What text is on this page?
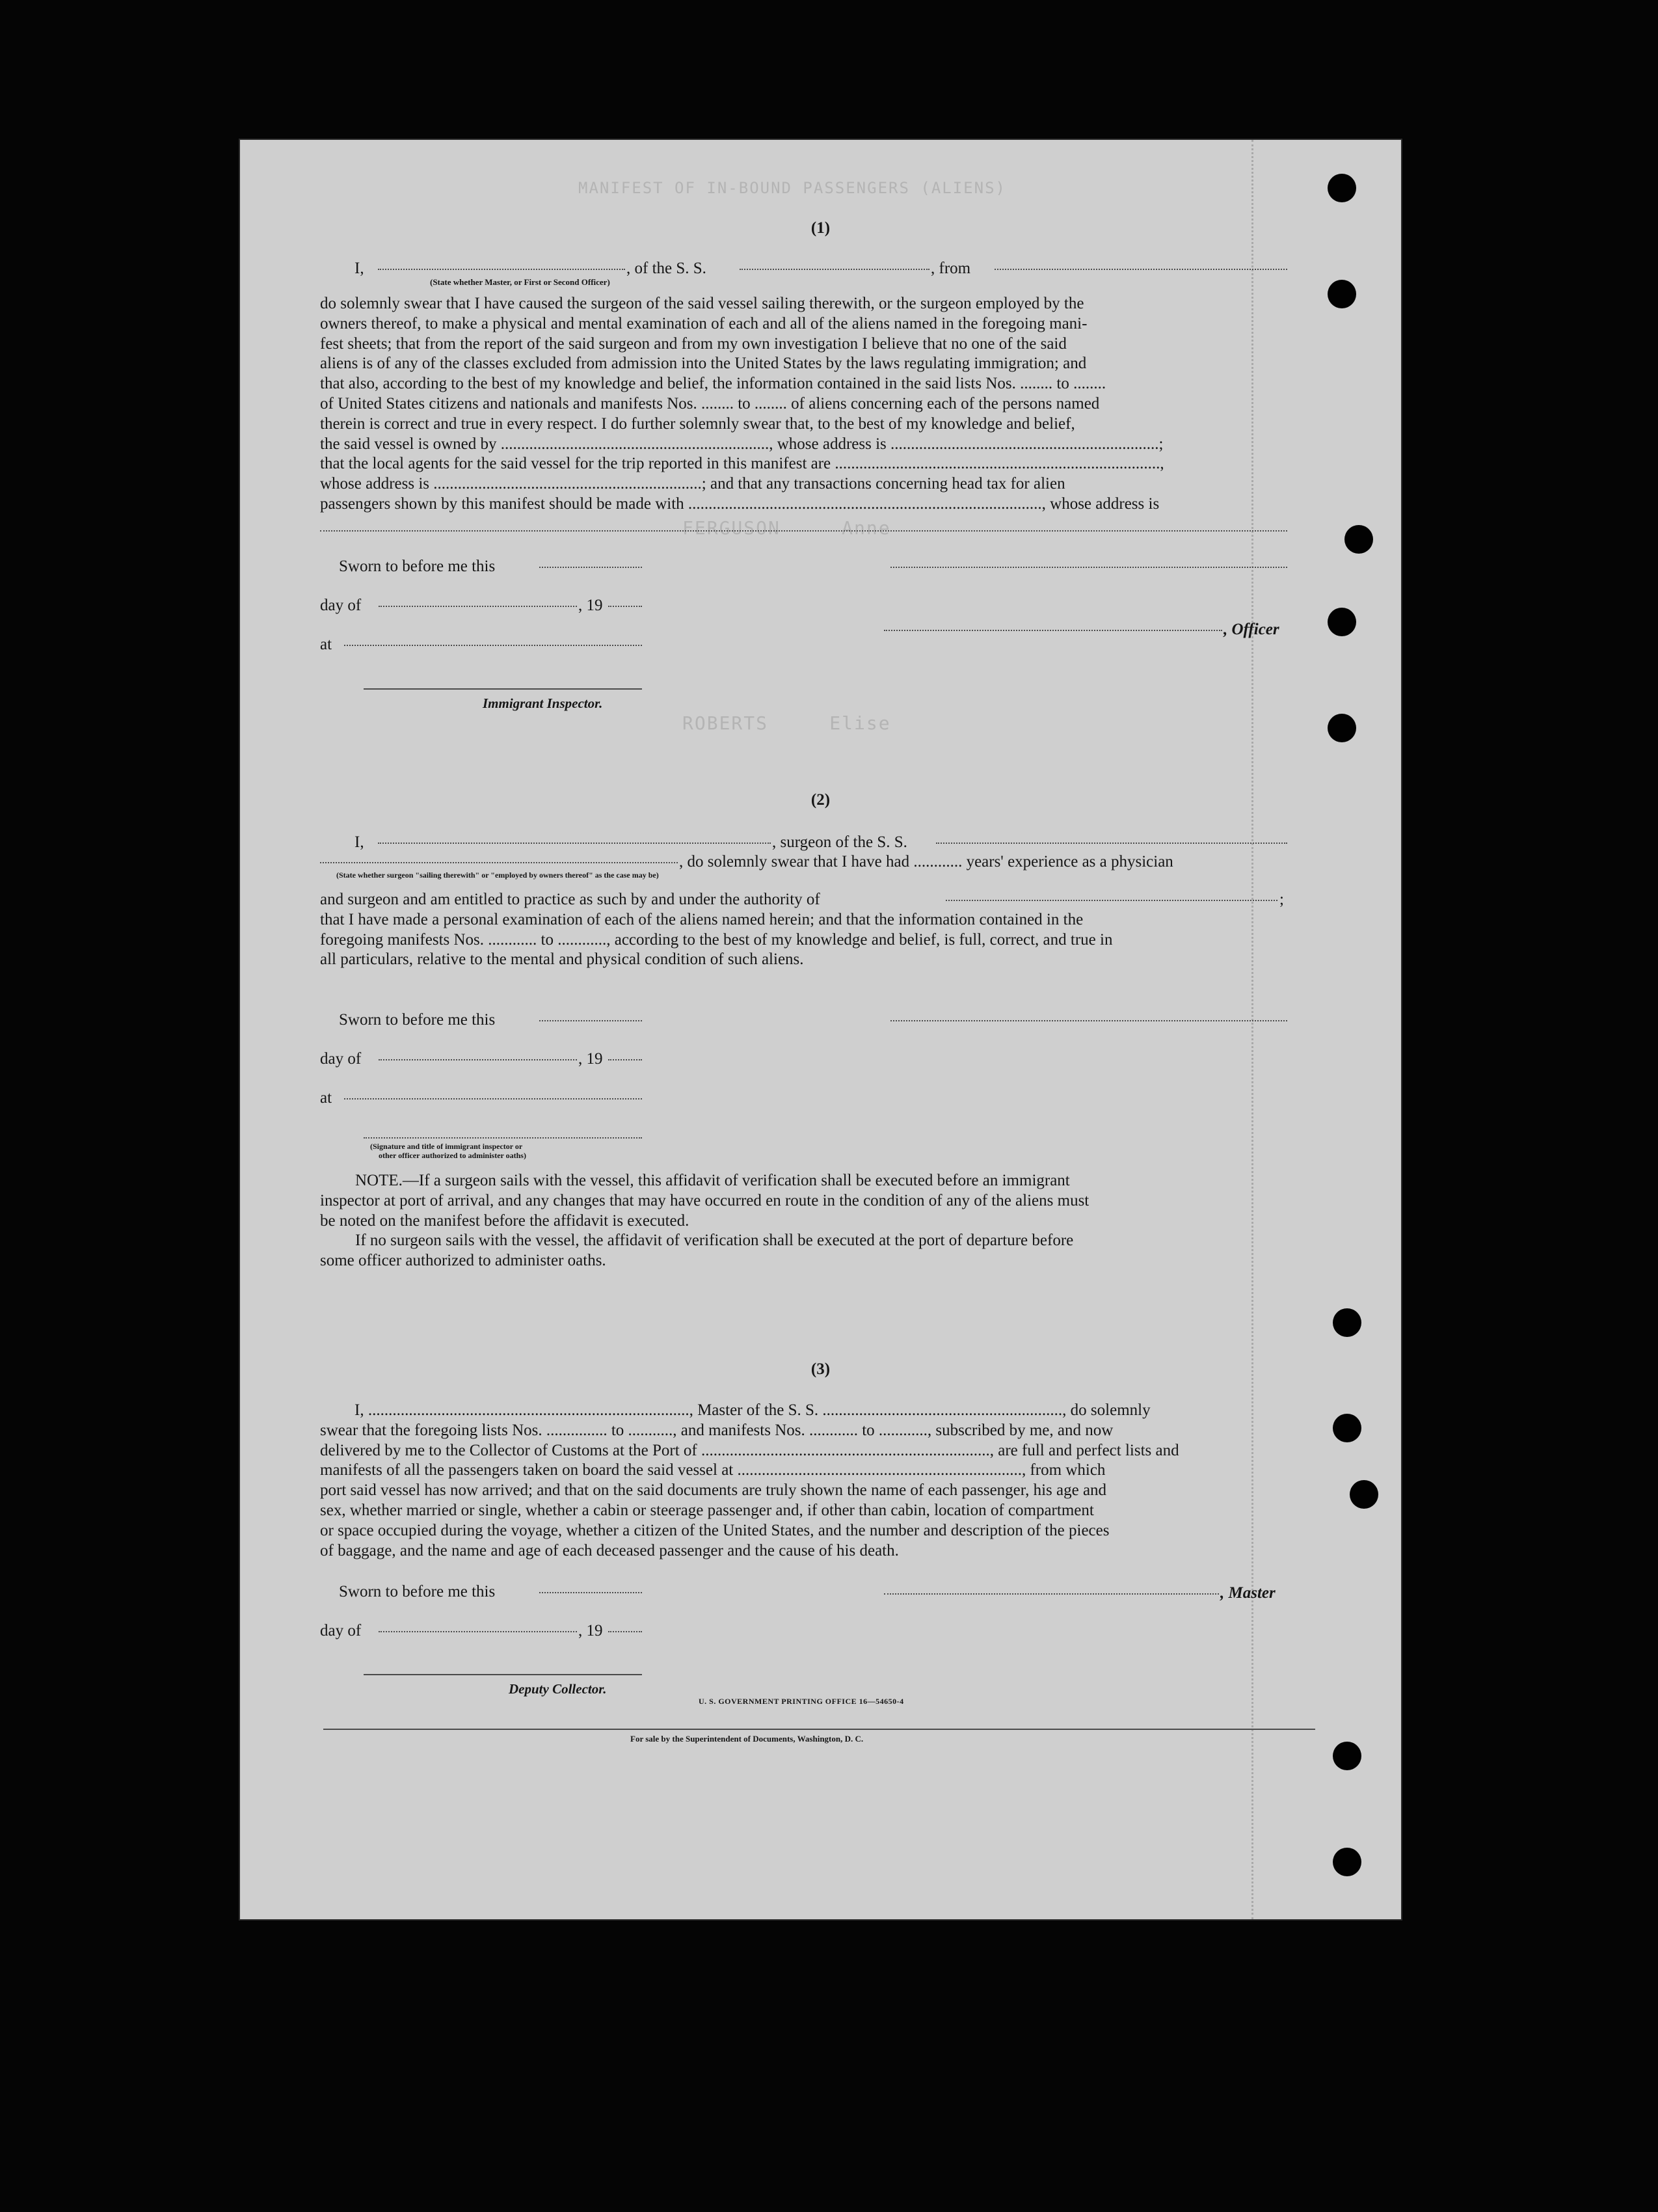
MANIFEST OF IN-BOUND PASSENGERS (ALIENS)
FERGUSON     Anne
ROBERTS     Elise
(1)
I,
(State whether Master, or First or Second Officer)
, of the S. S.	, from
do solemnly swear that I have caused the surgeon of the said vessel sailing therewith, or the surgeon employed by the
owners thereof, to make a physical and mental examination of each and all of the aliens named in the foregoing mani-
fest sheets; that from the report of the said surgeon and from my own investigation I believe that no one of the said
aliens is of any of the classes excluded from admission into the United States by the laws regulating immigration; and
that also, according to the best of my knowledge and belief, the information contained in the said lists Nos. ........ to ........
of United States citizens and nationals and manifests Nos. ........ to ........ of aliens concerning each of the persons named
therein is correct and true in every respect. I do further solemnly swear that, to the best of my knowledge and belief,
the said vessel is owned by .................................................................., whose address is ..................................................................;
that the local agents for the said vessel for the trip reported in this manifest are ................................................................................,
whose address is ..................................................................; and that any transactions concerning head tax for alien
passengers shown by this manifest should be made with ......................................................................................., whose address is
Sworn to before me this
day of	, 19
, Officer
at
Immigrant Inspector.
(2)
I,	, surgeon of the S. S.
, do solemnly swear that I have had ............ years' experience as a physician
(State whether surgeon "sailing therewith" or "employed by owners thereof" as the case may be)
and surgeon and am entitled to practice as such by and under the authority of
that I have made a personal examination of each of the aliens named herein; and that the information contained in the
foregoing manifests Nos. ............ to ............, according to the best of my knowledge and belief, is full, correct, and true in
all particulars, relative to the mental and physical condition of such aliens.
;
Sworn to before me this
day of	, 19
at
(Signature and title of immigrant inspector or
other officer authorized to administer oaths)
NOTE.—If a surgeon sails with the vessel, this affidavit of verification shall be executed before an immigrant
inspector at port of arrival, and any changes that may have occurred en route in the condition of any of the aliens must
be noted on the manifest before the affidavit is executed.
If no surgeon sails with the vessel, the affidavit of verification shall be executed at the port of departure before
some officer authorized to administer oaths.
(3)
I, ..............................................................................., Master of the S. S. ..........................................................., do solemnly
swear that the foregoing lists Nos. ............... to ..........., and manifests Nos. ............ to ............, subscribed by me, and now
delivered by me to the Collector of Customs at the Port of ......................................................................., are full and perfect lists and
manifests of all the passengers taken on board the said vessel at ......................................................................, from which
port said vessel has now arrived; and that on the said documents are truly shown the name of each passenger, his age and
sex, whether married or single, whether a cabin or steerage passenger and, if other than cabin, location of compartment
or space occupied during the voyage, whether a citizen of the United States, and the number and description of the pieces
of baggage, and the name and age of each deceased passenger and the cause of his death.
Sworn to before me this	, Master
day of	, 19
Deputy Collector.
U. S. GOVERNMENT PRINTING OFFICE 16—54650-4
For sale by the Superintendent of Documents, Washington, D. C.
